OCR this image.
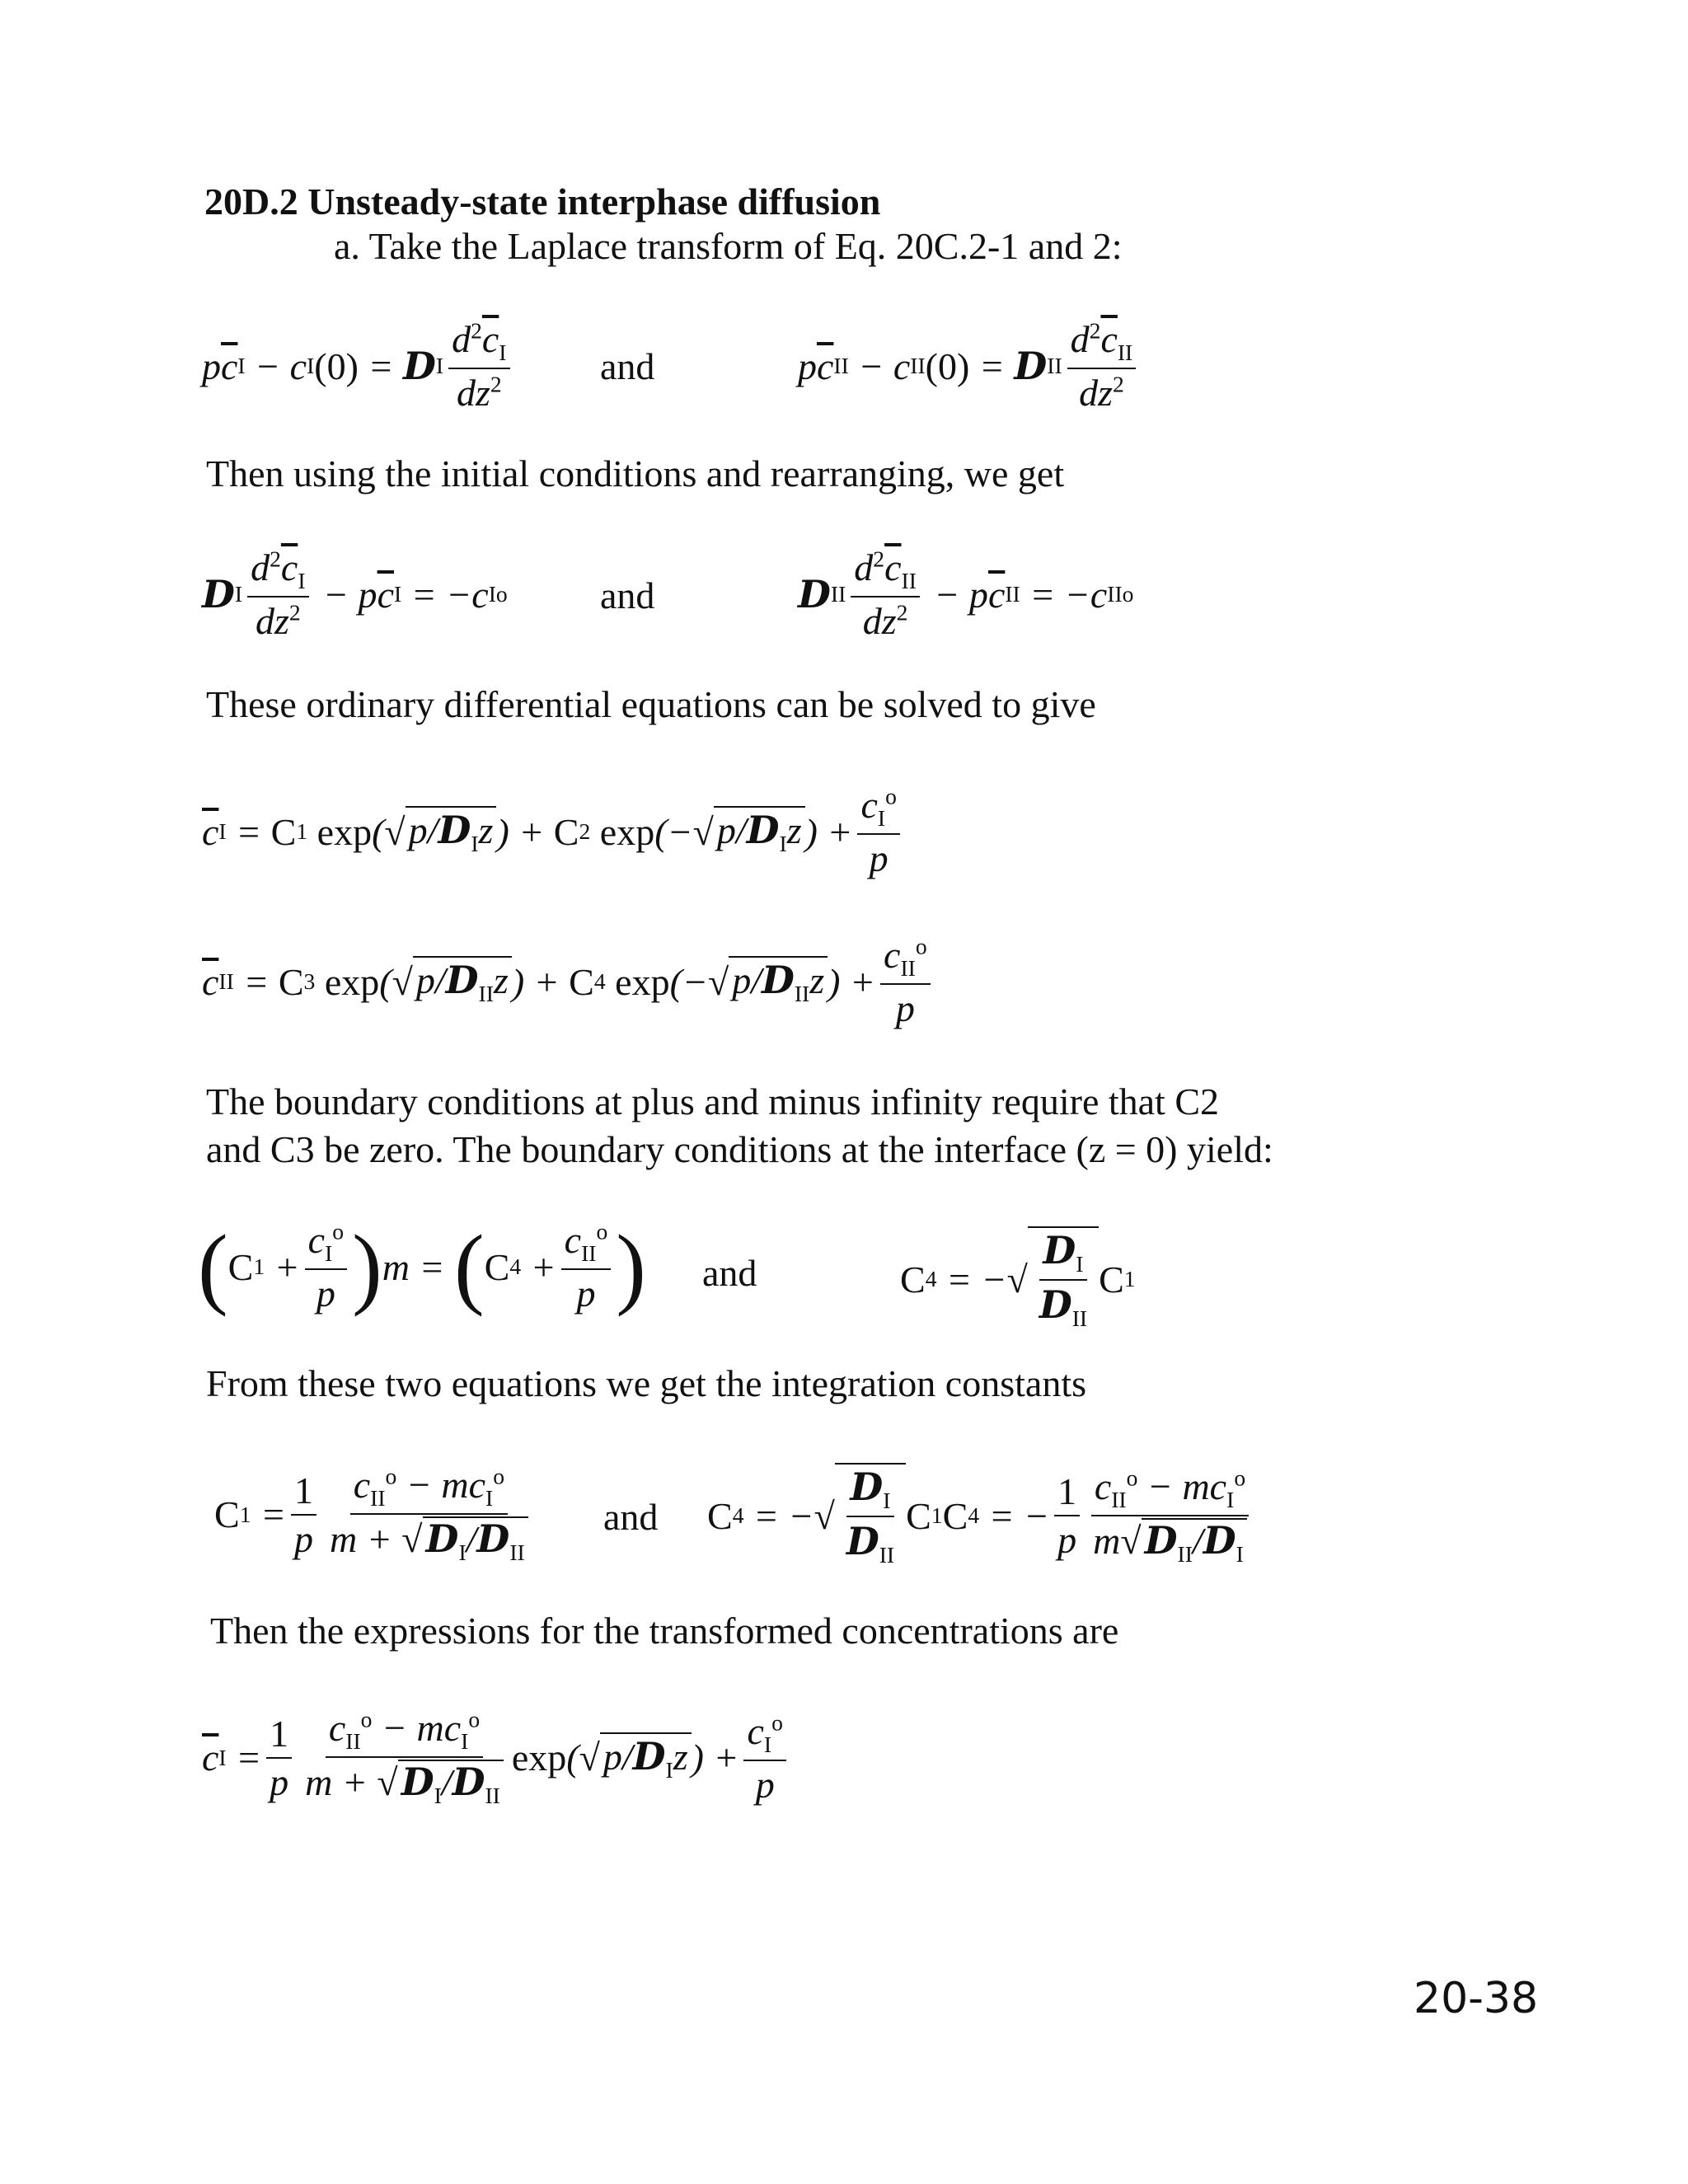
20D.2 Unsteady-state interphase diffusion
a. Take the Laplace transform of Eq. 20C.2-1 and 2:
p $\overline{c}$ I − c I (0) = D I $\frac{d^2\overline{c}_I}{dz^2}$ and	p $\overline{c}$ II − c II (0) = D II $\frac{d^2\overline{c}_{II}}{dz^2}$
Then using the initial conditions and rearranging, we get
D I $\frac{d^2\overline{c}_I}{dz^2} - p$ $\overline{c}$ I = −c I o and	D II $\frac{d^2\overline{c}_{II}}{dz^2} - p$ $\overline{c}$ II = −c II o
These ordinary differential equations can be solved to give
$\overline{c}$ I = C 1
exp (√ $p/D_Iz$ ) + C 2
exp (−√ $p/D_Iz$ ) + $\frac{c_I^o}{p}$
$\overline{c}$ II = C 3
exp (√ $p/D_{II}z$ ) + C 4
exp (−√ $p/D_{II}z$ ) + $\frac{c_{II}^o}{p}$
The boundary conditions at plus and minus infinity require that C2
and C3 be zero. The boundary conditions at the interface (z = 0) yield:
( C $1 + \frac{c_I^o}{p}$ ) m = ( C $4 + \frac{c_{II}^o}{p}$ ) and	C 4 = −√ $\frac{D_I}{D_{II}}$ C 1
From these two equations we get the integration constants
C $1 = \frac{1}{p} \frac{c_{II}^o - mc_I^o}{m + √D_I/D_{II}}$ and C 4 = −√ $\frac{D_I}{D_{II}}$ C 1 C 4 = − $\frac{1}{p} \frac{c_{II}^o - mc_I^o}{m√D_{II}/D_I}$
Then the expressions for the transformed concentrations are
$\overline{c}$ $I = \frac{1}{p} \frac{c_{II}^o - mc_I^o}{m + √D_I/D_{II}}$ exp (√ $p/D_Iz$ ) + $\frac{c_I^o}{p}$
20-38
